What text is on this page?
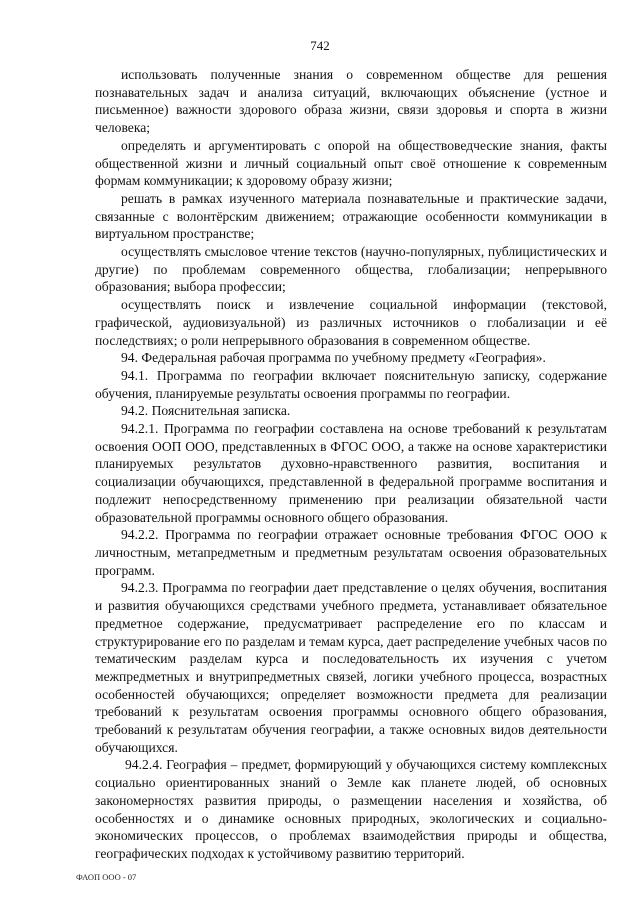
742

использовать полученные знания о современном обществе для решения познавательных задач и анализа ситуаций, включающих объяснение (устное и письменное) важности здорового образа жизни, связи здоровья и спорта в жизни человека;

определять и аргументировать с опорой на обществоведческие знания, факты общественной жизни и личный социальный опыт своё отношение к современным формам коммуникации; к здоровому образу жизни;

решать в рамках изученного материала познавательные и практические задачи, связанные с волонтёрским движением; отражающие особенности коммуникации в виртуальном пространстве;

осуществлять смысловое чтение текстов (научно-популярных, публицистических и другие) по проблемам современного общества, глобализации; непрерывного образования; выбора профессии;

осуществлять поиск и извлечение социальной информации (текстовой, графической, аудиовизуальной) из различных источников о глобализации и её последствиях; о роли непрерывного образования в современном обществе.

94. Федеральная рабочая программа по учебному предмету «География».

94.1. Программа по географии включает пояснительную записку, содержание обучения, планируемые результаты освоения программы по географии.

94.2. Пояснительная записка.

94.2.1. Программа по географии составлена на основе требований к результатам освоения ООП ООО, представленных в ФГОС ООО, а также на основе характеристики планируемых результатов духовно-нравственного развития, воспитания и социализации обучающихся, представленной в федеральной программе воспитания и подлежит непосредственному применению при реализации обязательной части образовательной программы основного общего образования.

94.2.2. Программа по географии отражает основные требования ФГОС ООО к личностным, метапредметным и предметным результатам освоения образовательных программ.

94.2.3. Программа по географии дает представление о целях обучения, воспитания и развития обучающихся средствами учебного предмета, устанавливает обязательное предметное содержание, предусматривает распределение его по классам и структурирование его по разделам и темам курса, дает распределение учебных часов по тематическим разделам курса и последовательность их изучения с учетом межпредметных и внутрипредметных связей, логики учебного процесса, возрастных особенностей обучающихся; определяет возможности предмета для реализации требований к результатам освоения программы основного общего образования, требований к результатам обучения географии, а также основных видов деятельности обучающихся.

94.2.4. География – предмет, формирующий у обучающихся систему комплексных социально ориентированных знаний о Земле как планете людей, об основных закономерностях развития природы, о размещении населения и хозяйства, об особенностях и о динамике основных природных, экологических и социально-экономических процессов, о проблемах взаимодействия природы и общества, географических подходах к устойчивому развитию территорий.

ФАОП ООО - 07
